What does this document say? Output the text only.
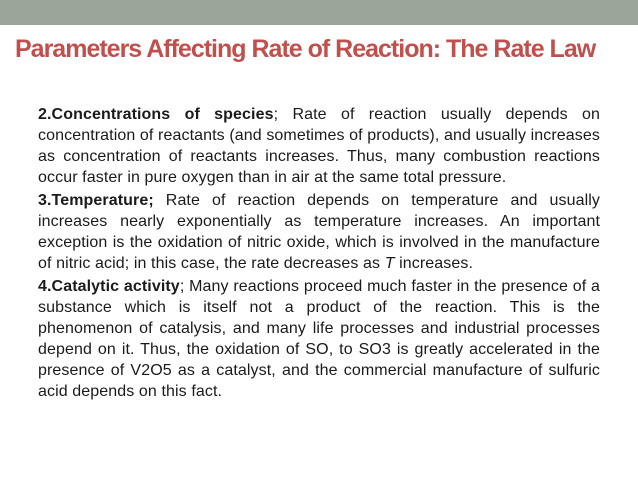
Parameters Affecting Rate of Reaction: The Rate Law

2.Concentrations of species; Rate of reaction usually depends on concentration of reactants (and sometimes of products), and usually increases as concentration of reactants increases. Thus, many combustion reactions occur faster in pure oxygen than in air at the same total pressure.

3.Temperature; Rate of reaction depends on temperature and usually increases nearly exponentially as temperature increases. An important exception is the oxidation of nitric oxide, which is involved in the manufacture of nitric acid; in this case, the rate decreases as T increases.

4.Catalytic activity; Many reactions proceed much faster in the presence of a substance which is itself not a product of the reaction. This is the phenomenon of catalysis, and many life processes and industrial processes depend on it. Thus, the oxidation of SO, to SO3 is greatly accelerated in the presence of V2O5 as a catalyst, and the commercial manufacture of sulfuric acid depends on this fact.
